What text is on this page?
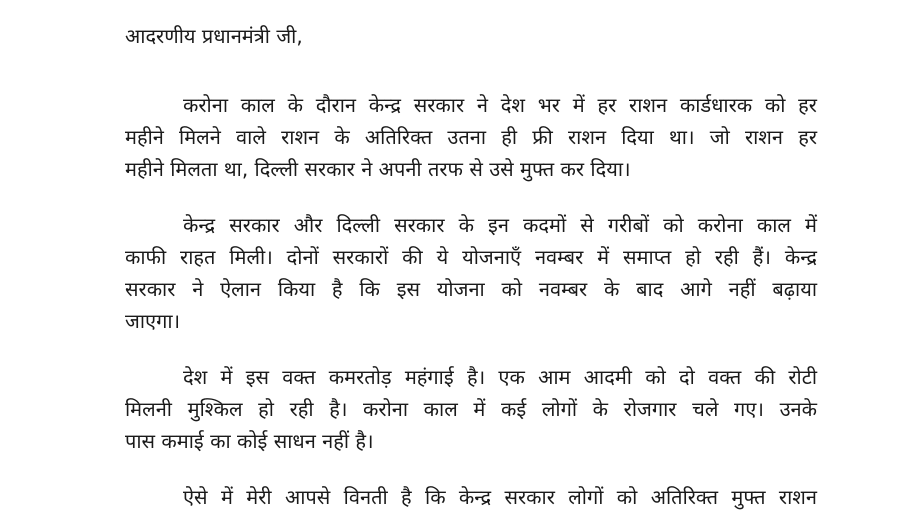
आदरणीय प्रधानमंत्री जी,

करोना काल के दौरान केन्द्र सरकार ने देश भर में हर राशन कार्डधारक को हर

महीने मिलने वाले राशन के अतिरिक्त उतना ही फ्री राशन दिया था। जो राशन हर

महीने मिलता था, दिल्ली सरकार ने अपनी तरफ से उसे मुफ्त कर दिया।

केन्द्र सरकार और दिल्ली सरकार के इन कदमों से गरीबों को करोना काल में

काफी राहत मिली। दोनों सरकारों की ये योजनाएँ नवम्बर में समाप्त हो रही हैं। केन्द्र

सरकार ने ऐलान किया है कि इस योजना को नवम्बर के बाद आगे नहीं बढ़ाया

जाएगा।

देश में इस वक्त कमरतोड़ महंगाई है। एक आम आदमी को दो वक्त की रोटी

मिलनी मुश्किल हो रही है। करोना काल में कई लोगों के रोजगार चले गए। उनके

पास कमाई का कोई साधन नहीं है।

ऐसे में मेरी आपसे विनती है कि केन्द्र सरकार लोगों को अतिरिक्त मुफ्त राशन
